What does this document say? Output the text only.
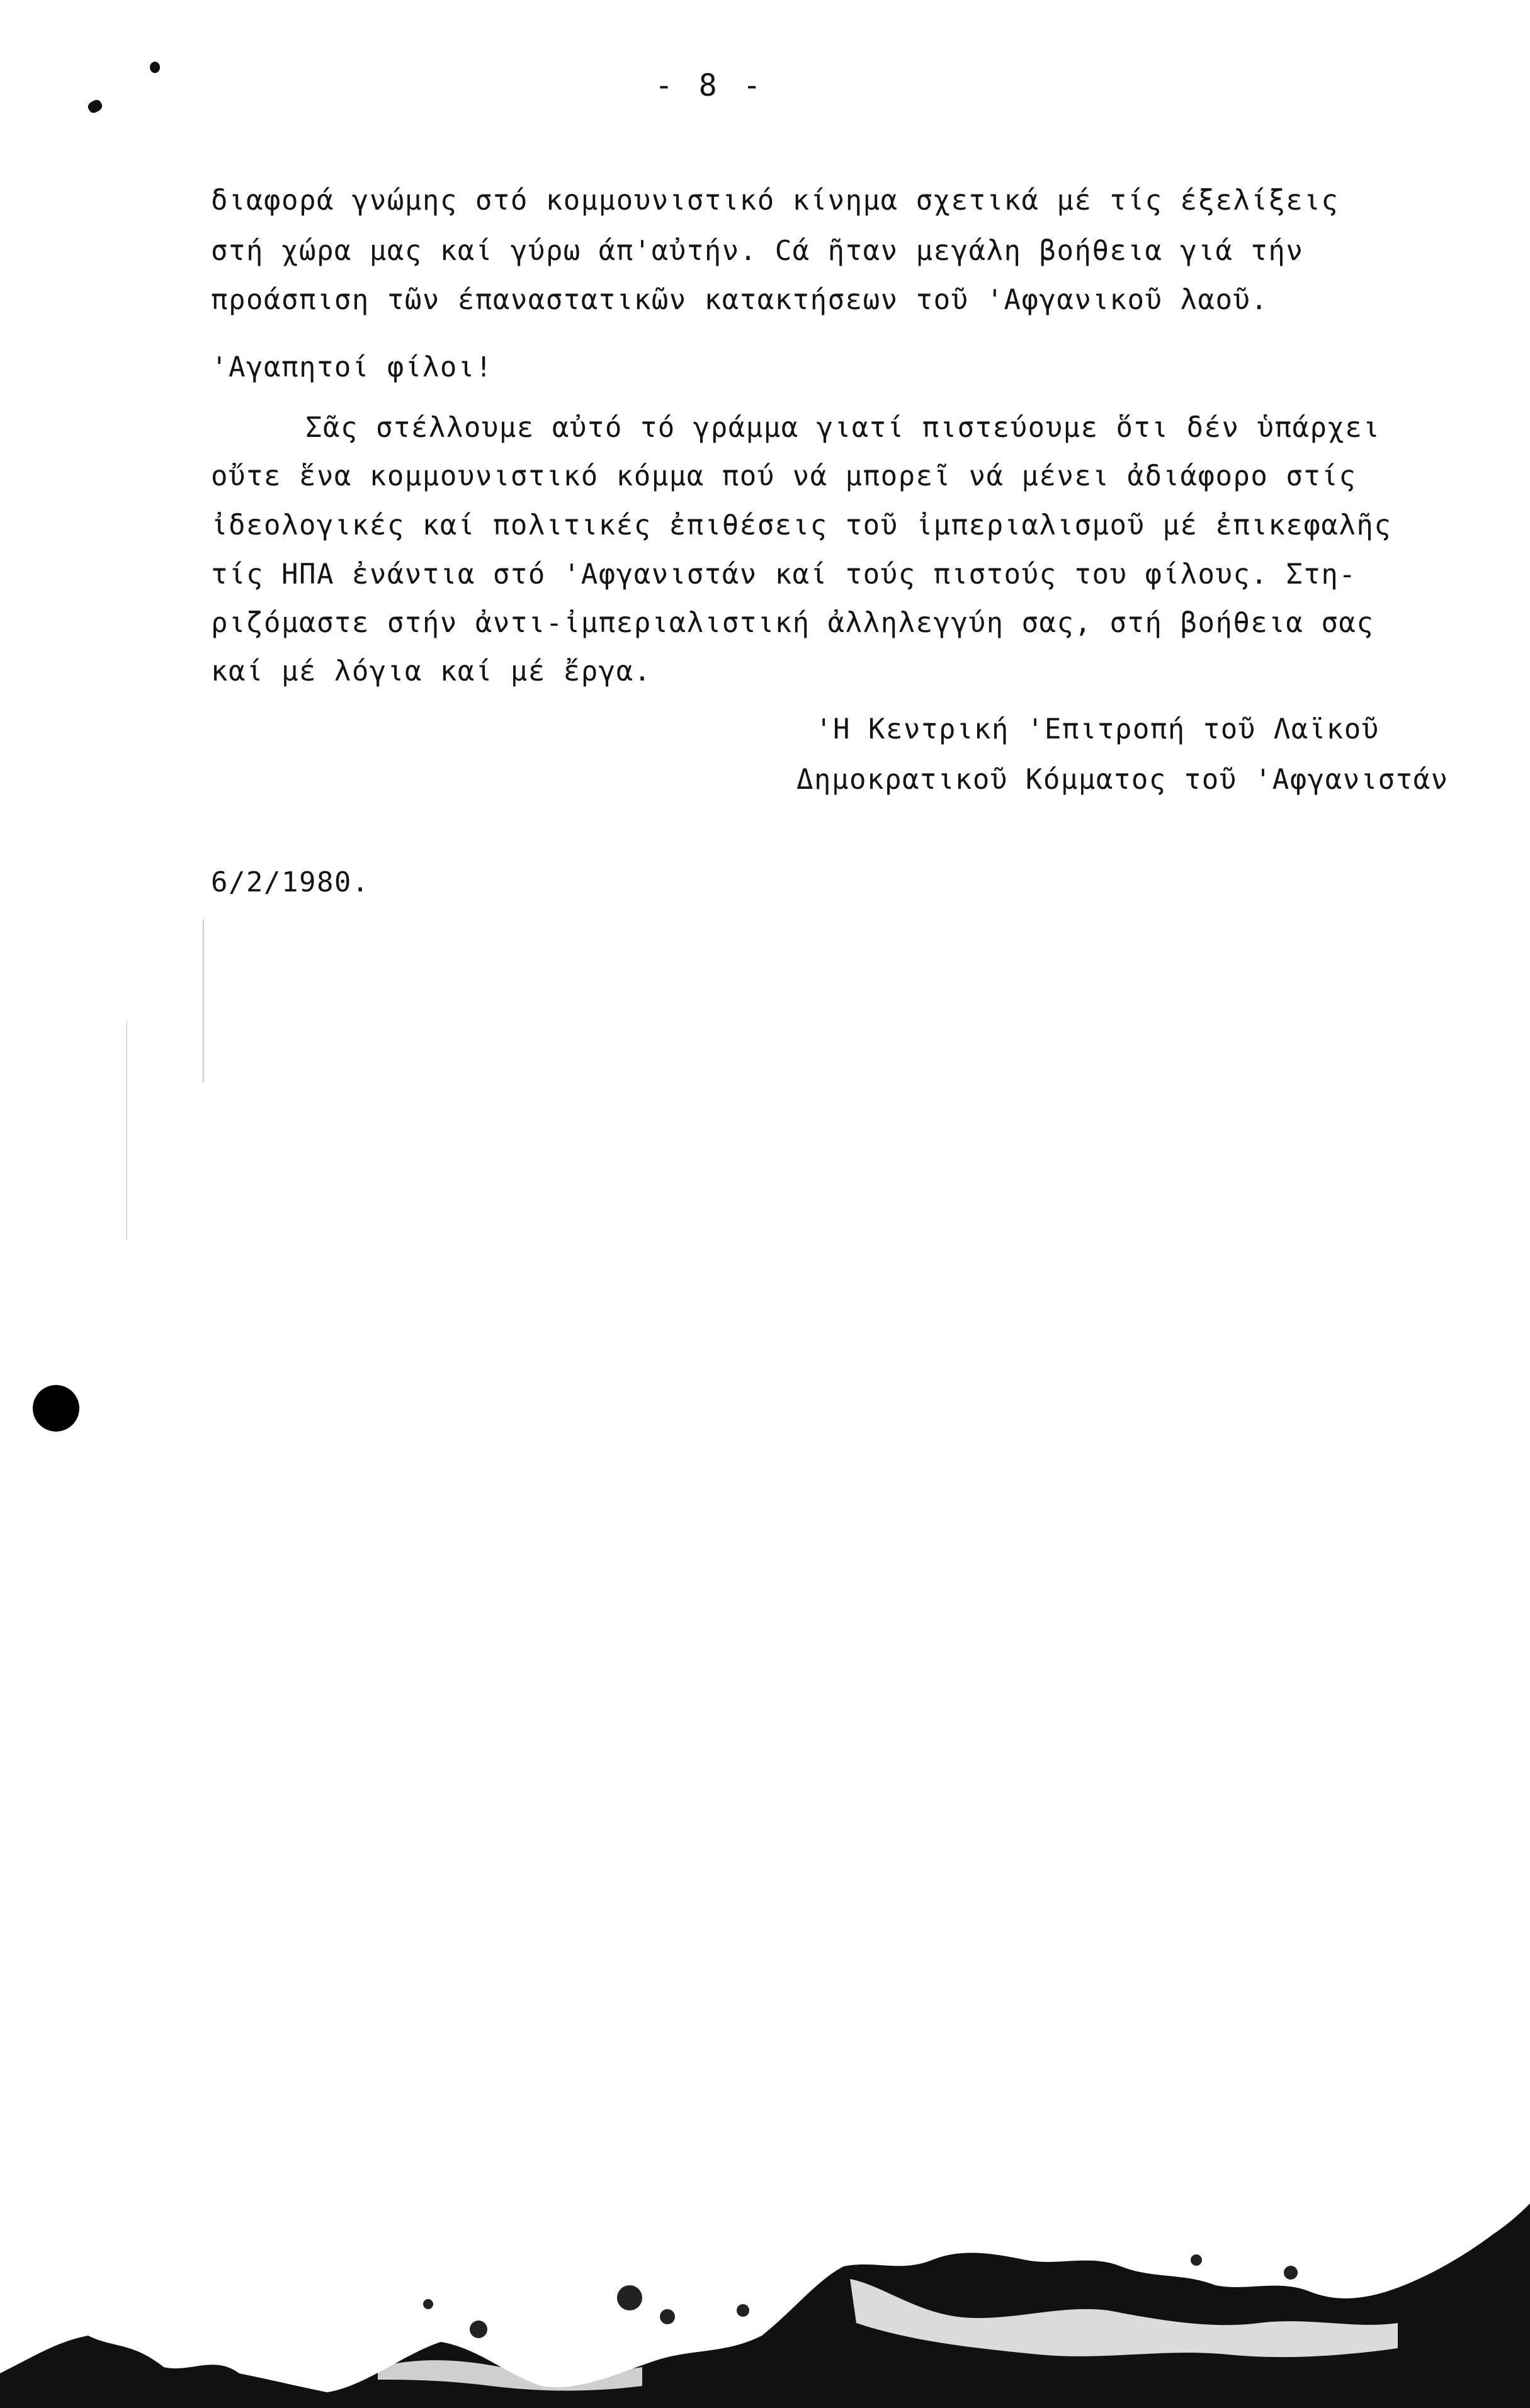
- 8 -
διαφορά γνώμης στό κομμουνιστικό κίνημα σχετικά μέ τίς έξελίξεις
στή χώρα μας καί γύρω άπ'αὐτήν. Cά ῆταν μεγάλη βοήθεια γιά τήν
προάσπιση τῶν έπαναστατικῶν κατακτήσεων τοῦ 'Αφγανικοῦ λαοῦ.
'Αγαπητοί φίλοι!
Σᾶς στέλλουμε αὐτό τό γράμμα γιατί πιστεύουμε ὅτι δέν ὑπάρχει
οὔτε ἕνα κομμουνιστικό κόμμα πού νά μπορεῖ νά μένει ἀδιάφορο στίς
ἰδεολογικές καί πολιτικές ἐπιθέσεις τοῦ ἰμπεριαλισμοῦ μέ ἐπικεφαλῆς
τίς ΗΠΑ ἐνάντια στό 'Αφγανιστάν καί τούς πιστούς του φίλους. Στη-
ριζόμαστε στήν ἀντι-ἰμπεριαλιστική ἀλληλεγγύη σας, στή βοήθεια σας
καί μέ λόγια καί μέ ἔργα.
'Η Κεντρική 'Επιτροπή τοῦ Λαϊκοῦ
Δημοκρατικοῦ Κόμματος τοῦ 'Αφγανιστάν
6/2/1980.
